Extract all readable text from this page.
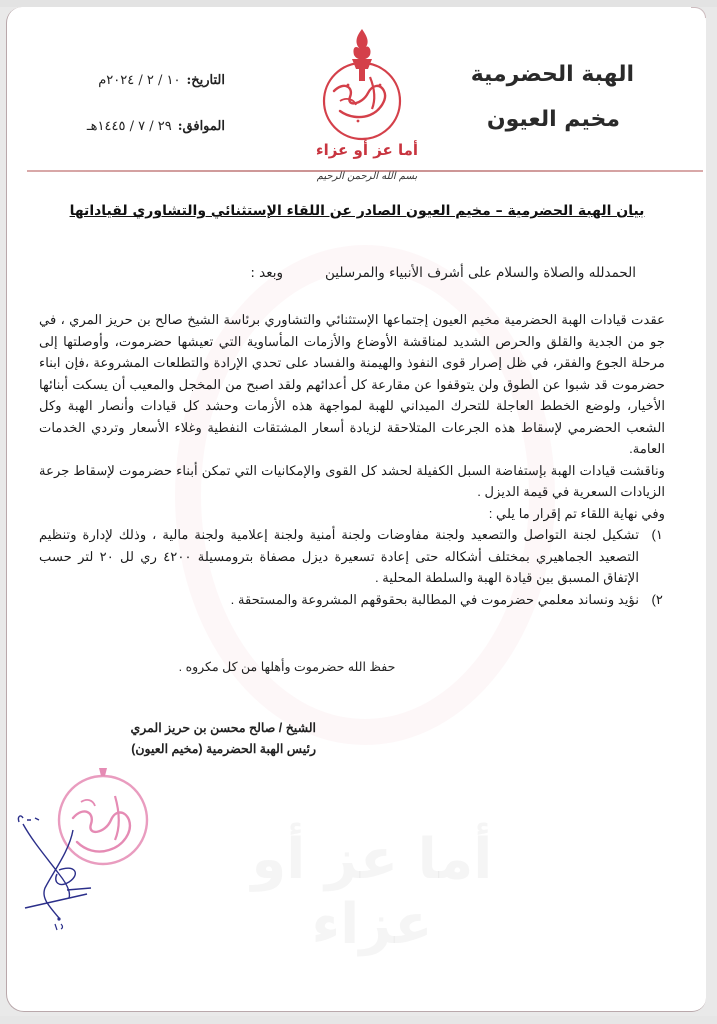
أما عز أو عزاء
الهبة الحضرمية
مخيم العيون
أما عز أو عزاء
التاريخ:١٠ / ٢ / ٢٠٢٤م
الموافق:٢٩ / ٧ / ١٤٤٥هـ
بسم الله الرحمن الرحيم
بيان الهبة الحضرمية – مخيم العيون الصادر عن اللقاء الإستثنائي والتشاوري لقياداتها
الحمدلله والصلاة والسلام على أشرف الأنبياء والمرسلينوبعد :

عقدت قيادات الهبة الحضرمية مخيم العيون إجتماعها الإستثنائي والتشاوري برئاسة الشيخ صالح بن حريز المري ، في جو من الجدية والقلق والحرص الشديد لمناقشة الأوضاع والأزمات المأساوية التي تعيشها حضرموت، وأوصلتها إلى مرحلة الجوع والفقر، في ظل إصرار قوى النفوذ والهيمنة والفساد على تحدي الإرادة والتطلعات المشروعة ،فإن ابناء حضرموت قد شبوا عن الطوق ولن يتوقفوا عن مقارعة كل أعدائهم ولقد اصبح من المخجل والمعيب أن يسكت أبنائها الأخيار، ولوضع الخطط العاجلة للتحرك الميداني للهبة لمواجهة هذه الأزمات وحشد كل قيادات وأنصار الهبة وكل الشعب الحضرمي لإسقاط هذه الجرعات المتلاحقة لزيادة أسعار المشتقات النفطية وغلاء الأسعار وتردي الخدمات العامة.

وناقشت قيادات الهبة بإستفاضة السبل الكفيلة لحشد كل القوى والإمكانيات التي تمكن أبناء حضرموت لإسقاط جرعة الزيادات السعرية في قيمة الديزل .

وفي نهاية اللقاء تم إقرار ما يلي :

١)
تشكيل لجنة التواصل والتصعيد ولجنة مفاوضات ولجنة أمنية ولجنة إعلامية ولجنة مالية ، وذلك لإدارة وتنظيم التصعيد الجماهيري بمختلف أشكاله حتى إعادة تسعيرة ديزل مصفاة بترومسيلة ٤٢٠٠ ري لل ٢٠ لتر حسب الإتفاق المسبق بين قيادة الهبة والسلطة المحلية .
٢)
نؤيد ونساند معلمي حضرموت في المطالبة بحقوقهم المشروعة والمستحقة .
حفظ الله حضرموت وأهلها من كل مكروه .
الشيخ / صالح محسن بن حريز المري
رئيس الهبة الحضرمية (مخيم العيون)
